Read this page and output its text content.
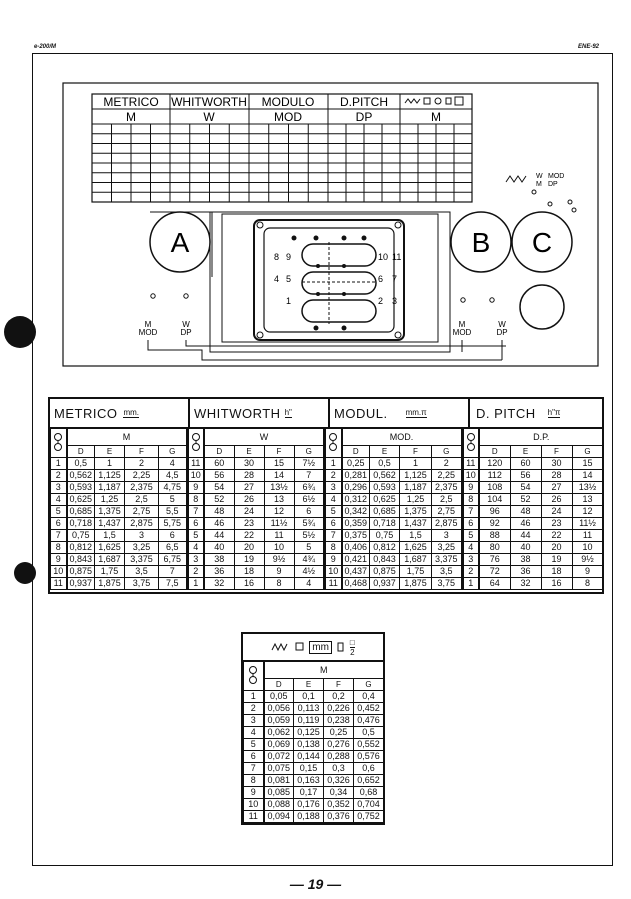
e-200/M	ENE-92
METRICO WHITWORTH MODULO D.PITCH
M	W	MOD	DP	M
W MOD
M DP
A	B C
8 9
4 5
1
10 11
6 7
2 3
M
MOD
W
DP
M
MOD
W
DP
METRICO mm.	WHITWORTH h"	MODUL. mm.π	D. PITCH h"π
	M			
	D	E	F	G
1	0,5	1	2	4
2	0,562	1,125	2,25	4,5
3	0,593	1,187	2,375	4,75
4	0,625	1,25	2,5	5
5	0,685	1,375	2,75	5,5
6	0,718	1,437	2,875	5,75
7	0,75	1,5	3	6
8	0,812	1,625	3,25	6,5
9	0,843	1,687	3,375	6,75
10	0,875	1,75	3,5	7
11	0,937	1,875	3,75	7,5
	W			
	D	E	F	G
11	60	30	15	7½
10	56	28	14	7
9	54	27	13½	6¾
8	52	26	13	6½
7	48	24	12	6
6	46	23	11½	5¾
5	44	22	11	5½
4	40	20	10	5
3	38	19	9½	4¾
2	36	18	9	4½
1	32	16	8	4
	MOD.			
	D	E	F	G
1	0,25	0,5	1	2
2	0,281	0,562	1,125	2,25
3	0,296	0,593	1,187	2,375
4	0,312	0,625	1,25	2,5
5	0,342	0,685	1,375	2,75
6	0,359	0,718	1,437	2,875
7	0,375	0,75	1,5	3
8	0,406	0,812	1,625	3,25
9	0,421	0,843	1,687	3,375
10	0,437	0,875	1,75	3,5
11	0,468	0,937	1,875	3,75
	D.P.			
	D	E	F	G
11	120	60	30	15
10	112	56	28	14
9	108	54	27	13½
8	104	52	26	13
7	96	48	24	12
6	92	46	23	11½
5	88	44	22	11
4	80	40	20	10
3	76	38	19	9½
2	72	36	18	9
1	64	32	16	8
mm	□
2
	M			
	D	E	F	G
1	0,05	0,1	0,2	0,4
2	0,056	0,113	0,226	0,452
3	0,059	0,119	0,238	0,476
4	0,062	0,125	0,25	0,5
5	0,069	0,138	0,276	0,552
6	0,072	0,144	0,288	0,576
7	0,075	0,15	0,3	0,6
8	0,081	0,163	0,326	0,652
9	0,085	0,17	0,34	0,68
10	0,088	0,176	0,352	0,704
11	0,094	0,188	0,376	0,752
— 19 —
